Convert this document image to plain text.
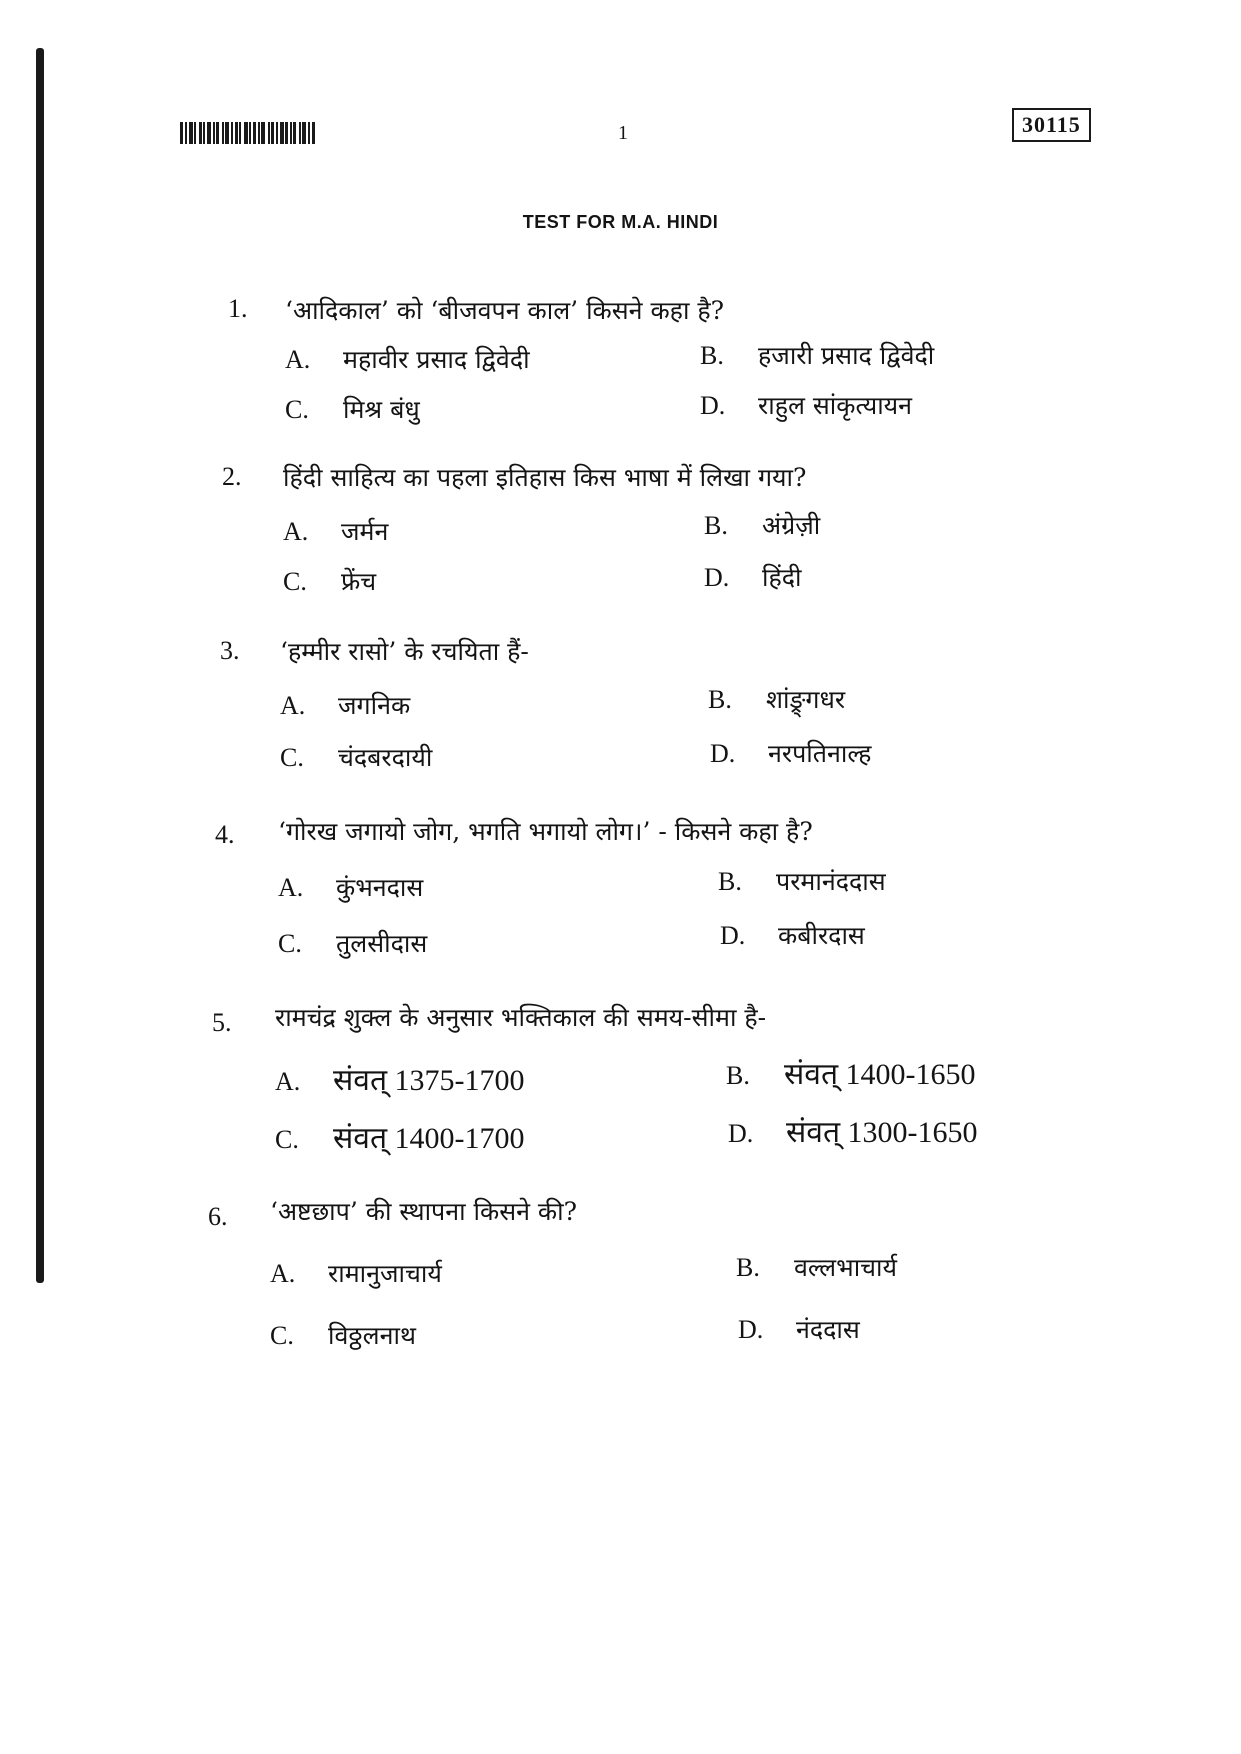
1	30115
TEST FOR M.A. HINDI
1. ‘आदिकाल’ को ‘बीजवपन काल’ किसने कहा है?
A. महावीर प्रसाद द्विवेदी	B. हजारी प्रसाद द्विवेदी
C. मिश्र बंधु	D. राहुल सांकृत्यायन
2. हिंदी साहित्य का पहला इतिहास किस भाषा में लिखा गया?
A. जर्मन	B. अंग्रेज़ी
C. फ्रेंच	D. हिंदी
3. ‘हम्मीर रासो’ के रचयिता हैं-
A. जगनिक	B. शांङ्र्गधर
C. चंदबरदायी	D. नरपतिनाल्ह
4. ‘गोरख जगायो जोग, भगति भगायो लोग।’ - किसने कहा है?
A. कुंभनदास	B. परमानंददास
C. तुलसीदास	D. कबीरदास
5. रामचंद्र शुक्ल के अनुसार भक्तिकाल की समय-सीमा है-
A. संवत् 1375-1700	B. संवत् 1400-1650
C. संवत् 1400-1700	D. संवत् 1300-1650
6. ‘अष्टछाप’ की स्थापना किसने की?
A. रामानुजाचार्य	B. वल्लभाचार्य
C. विठ्ठलनाथ	D. नंददास
